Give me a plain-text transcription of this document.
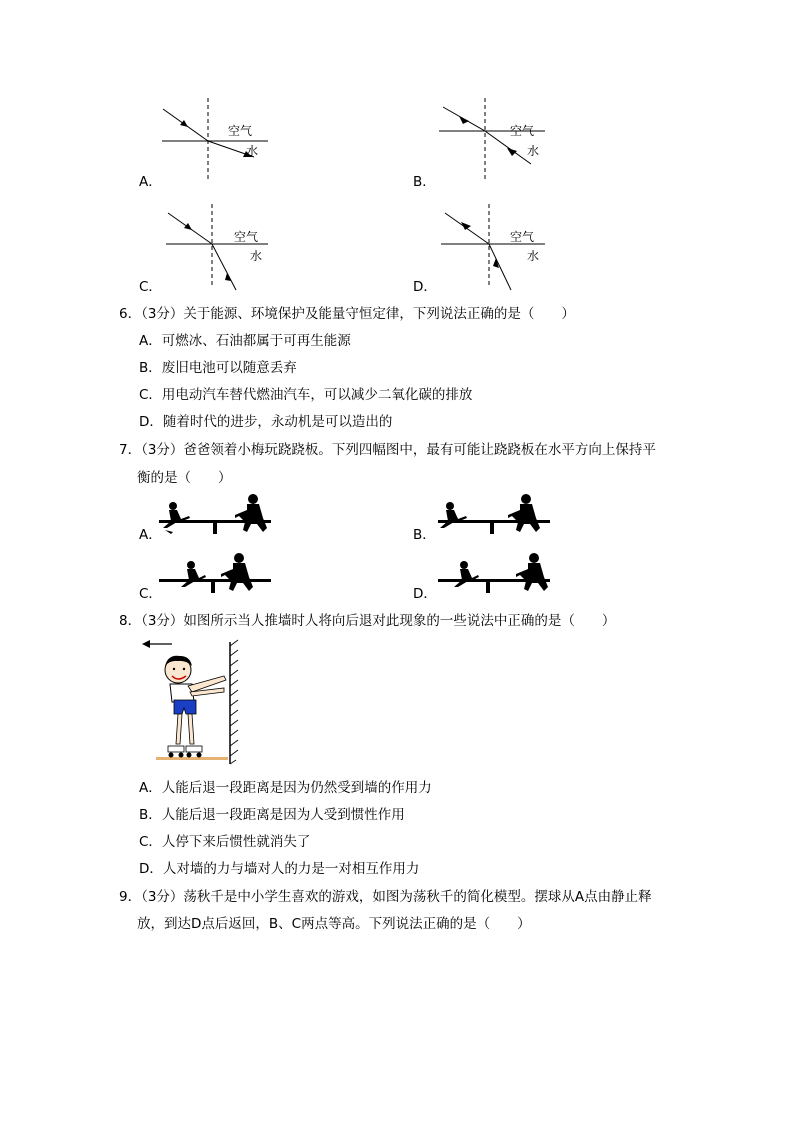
空气
水
A．
空气
水
B．
空气
水
C．
空气
水
D．
6．（3分）关于能源、环境保护及能量守恒定律，下列说法正确的是（　　）
A．可燃冰、石油都属于可再生能源
B．废旧电池可以随意丢弃
C．用电动汽车替代燃油汽车，可以减少二氧化碳的排放
D．随着时代的进步，永动机是可以造出的
7．（3分）爸爸领着小梅玩跷跷板。下列四幅图中，最有可能让跷跷板在水平方向上保持平
衡的是（　　）
A．	B．
C．	D．
8．（3分）如图所示当人推墙时人将向后退对此现象的一些说法中正确的是（　　）
A．人能后退一段距离是因为仍然受到墙的作用力
B．人能后退一段距离是因为人受到惯性作用
C．人停下来后惯性就消失了
D．人对墙的力与墙对人的力是一对相互作用力
9．（3分）荡秋千是中小学生喜欢的游戏，如图为荡秋千的简化模型。摆球从A点由静止释
放，到达D点后返回，B、C两点等高。下列说法正确的是（　　）
